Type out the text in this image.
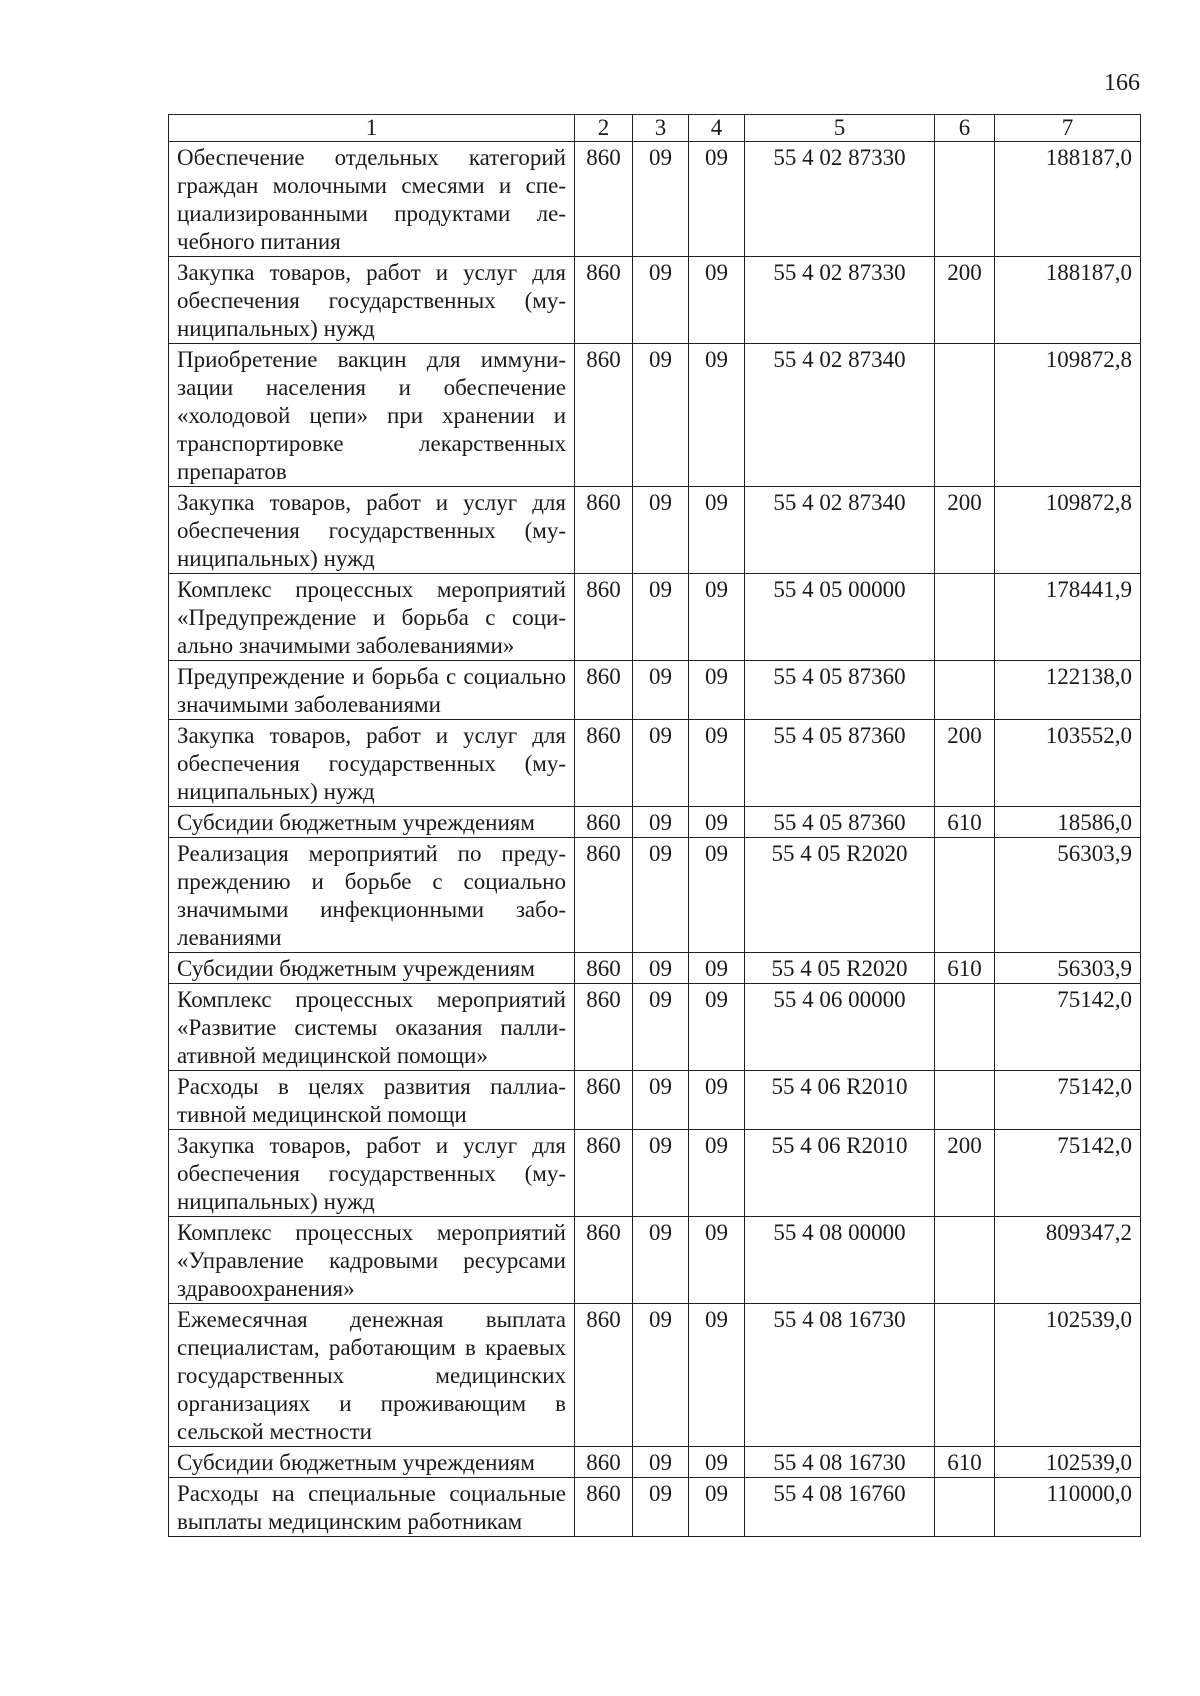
166
1	2	3	4	5	6	7
Обеспечение отдельных категорий граждан молочными смесями и специализированными продуктами лечебного питания	860	09	09	55 4 02 87330		188187,0
Закупка товаров, работ и услуг для обеспечения государственных (муниципальных) нужд	860	09	09	55 4 02 87330	200	188187,0
Приобретение вакцин для иммунизации населения и обеспечение «холодовой цепи» при хранении и транспортировке лекарственных препаратов	860	09	09	55 4 02 87340		109872,8
Закупка товаров, работ и услуг для обеспечения государственных (муниципальных) нужд	860	09	09	55 4 02 87340	200	109872,8
Комплекс процессных мероприятий «Предупреждение и борьба с социально значимыми заболеваниями»	860	09	09	55 4 05 00000		178441,9
Предупреждение и борьба с социально значимыми заболеваниями	860	09	09	55 4 05 87360		122138,0
Закупка товаров, работ и услуг для обеспечения государственных (муниципальных) нужд	860	09	09	55 4 05 87360	200	103552,0
Субсидии бюджетным учреждениям	860	09	09	55 4 05 87360	610	18586,0
Реализация мероприятий по предупреждению и борьбе с социально значимыми инфекционными заболеваниями	860	09	09	55 4 05 R2020		56303,9
Субсидии бюджетным учреждениям	860	09	09	55 4 05 R2020	610	56303,9
Комплекс процессных мероприятий «Развитие системы оказания паллиативной медицинской помощи»	860	09	09	55 4 06 00000		75142,0
Расходы в целях развития паллиативной медицинской помощи	860	09	09	55 4 06 R2010		75142,0
Закупка товаров, работ и услуг для обеспечения государственных (муниципальных) нужд	860	09	09	55 4 06 R2010	200	75142,0
Комплекс процессных мероприятий «Управление кадровыми ресурсами здравоохранения»	860	09	09	55 4 08 00000		809347,2
Ежемесячная денежная выплата специалистам, работающим в краевых государственных медицинских организациях и проживающим в сельской местности	860	09	09	55 4 08 16730		102539,0
Субсидии бюджетным учреждениям	860	09	09	55 4 08 16730	610	102539,0
Расходы на специальные социальные выплаты медицинским работникам	860	09	09	55 4 08 16760		110000,0
